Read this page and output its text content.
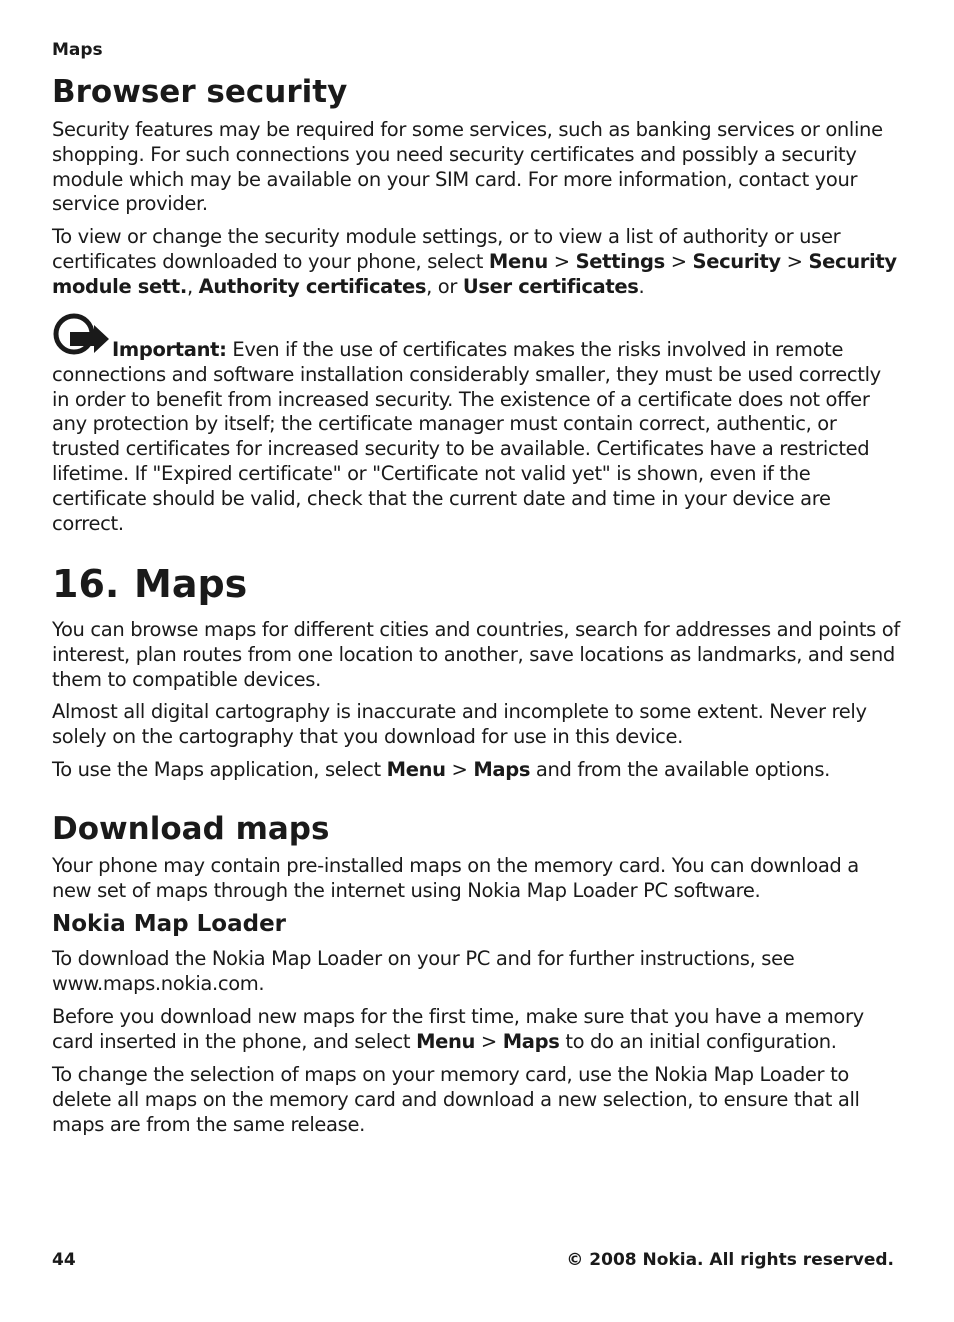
Maps
Browser security

Security features may be required for some services, such as banking services or online shopping. For such connections you need security certificates and possibly a security module which may be available on your SIM card. For more information, contact your service provider.

To view or change the security module settings, or to view a list of authority or user certificates downloaded to your phone, select Menu > Settings > Security > Security module sett., Authority certificates, or User certificates.

Important: Even if the use of certificates makes the risks involved in remote connections and software installation considerably smaller, they must be used correctly in order to benefit from increased security. The existence of a certificate does not offer any protection by itself; the certificate manager must contain correct, authentic, or trusted certificates for increased security to be available. Certificates have a restricted lifetime. If "Expired certificate" or "Certificate not valid yet" is shown, even if the certificate should be valid, check that the current date and time in your device are correct.

16. Maps

You can browse maps for different cities and countries, search for addresses and points of interest, plan routes from one location to another, save locations as landmarks, and send them to compatible devices.

Almost all digital cartography is inaccurate and incomplete to some extent. Never rely solely on the cartography that you download for use in this device.

To use the Maps application, select Menu > Maps and from the available options.

Download maps

Your phone may contain pre-installed maps on the memory card. You can download a new set of maps through the internet using Nokia Map Loader PC software.

Nokia Map Loader

To download the Nokia Map Loader on your PC and for further instructions, see www.maps.nokia.com.

Before you download new maps for the first time, make sure that you have a memory card inserted in the phone, and select Menu > Maps to do an initial configuration.

To change the selection of maps on your memory card, use the Nokia Map Loader to delete all maps on the memory card and download a new selection, to ensure that all maps are from the same release.

44	© 2008 Nokia. All rights reserved.
